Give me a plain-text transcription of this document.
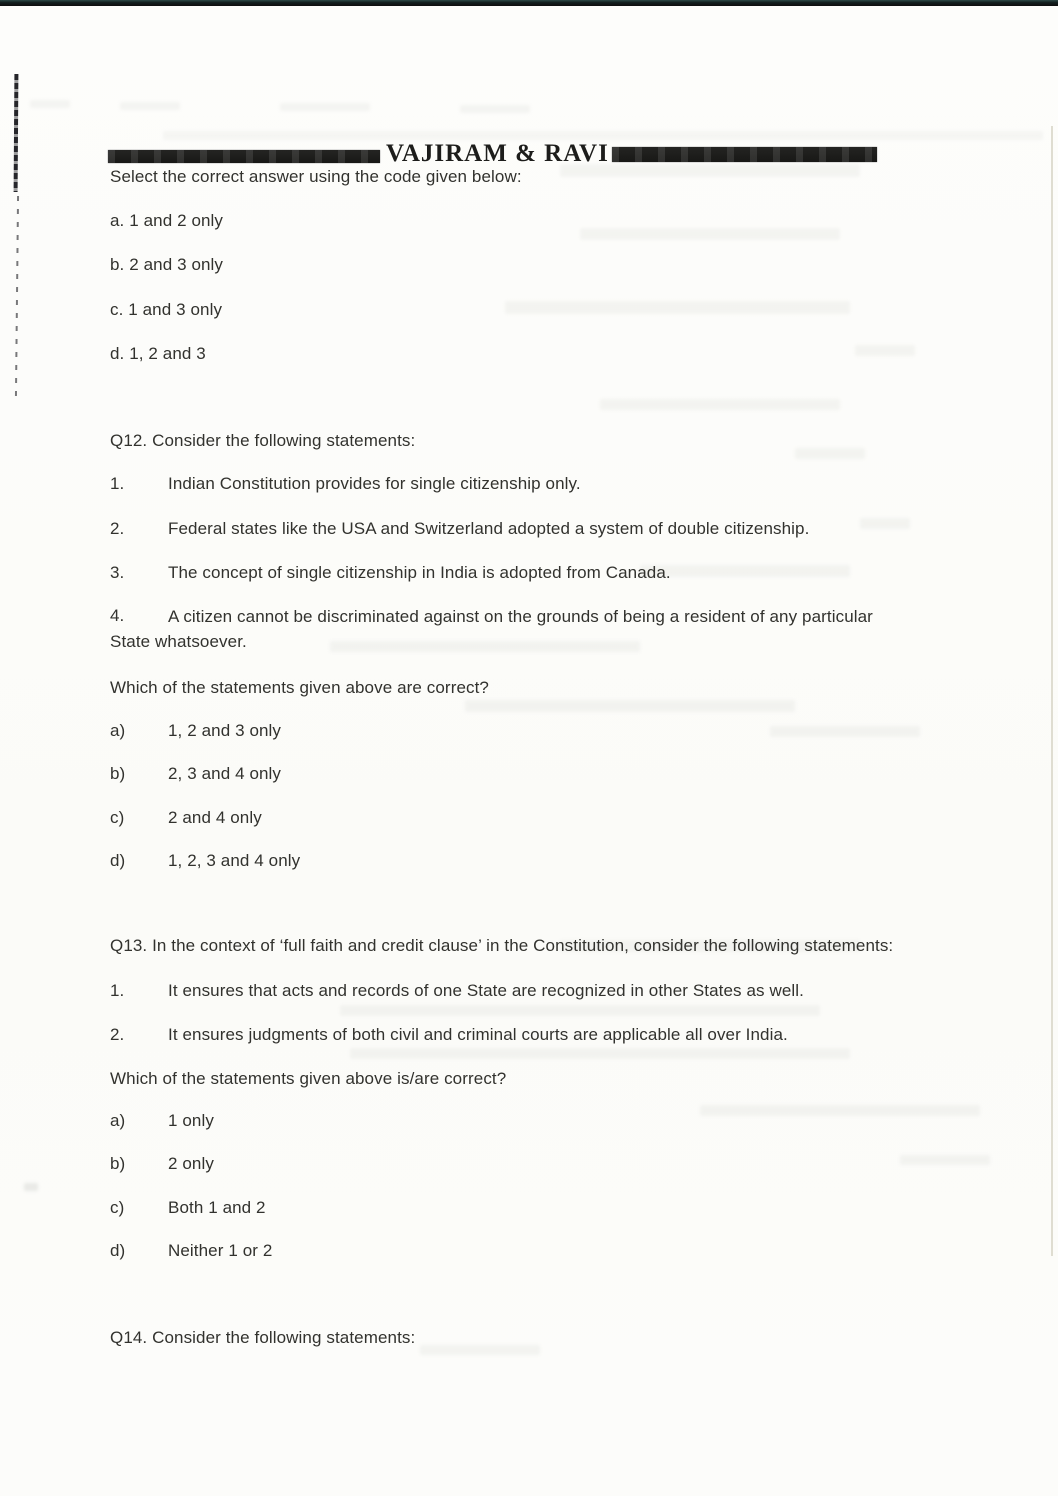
VAJIRAM & RAVI
Select the correct answer using the code given below:
a. 1 and 2 only
b. 2 and 3 only
c. 1 and 3 only
d. 1, 2 and 3
Q12. Consider the following statements:
1.	Indian Constitution provides for single citizenship only.
2.	Federal states like the USA and Switzerland adopted a system of double citizenship.
3.	The concept of single citizenship in India is adopted from Canada.
4.	A citizen cannot be discriminated against on the grounds of being a resident of any particular State whatsoever.
Which of the statements given above are correct?
a)	1, 2 and 3 only
b)	2, 3 and 4 only
c)	2 and 4 only
d)	1, 2, 3 and 4 only
Q13. In the context of ‘full faith and credit clause’ in the Constitution, consider the following statements:
1.	It ensures that acts and records of one State are recognized in other States as well.
2.	It ensures judgments of both civil and criminal courts are applicable all over India.
Which of the statements given above is/are correct?
a)	1 only
b)	2 only
c)	Both 1 and 2
d)	Neither 1 or 2
Q14. Consider the following statements:
